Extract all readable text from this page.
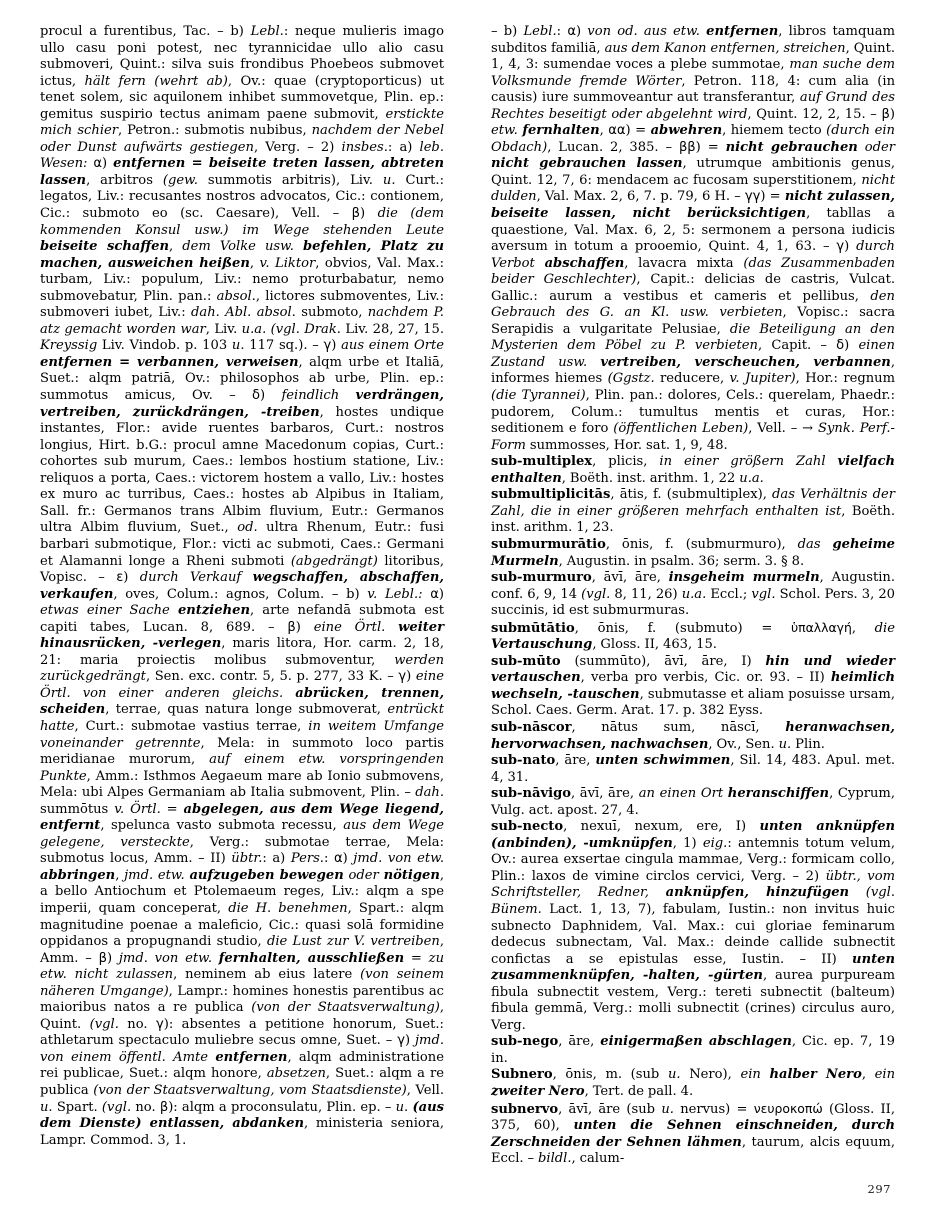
procul a furentibus, Tac. – b) Lebl.: neque mulieris imago ullo casu poni potest, nec tyrannicidae ullo alio casu submoveri, Quint.: silva suis frondibus Phoebeos submovet ictus, hält fern (wehrt ab), Ov.: quae (cryptoporticus) ut tenet solem, sic aquilonem inhibet summovetque, Plin. ep.: gemitus suspirio tectus animam paene submovit, erstickte mich schier, Petron.: submotis nubibus, nachdem der Nebel oder Dunst aufwärts gestiegen, Verg. – 2) insbes.: a) leb. Wesen: α) entfernen = beiseite treten lassen, abtreten lassen, arbitros (gew. summotis arbitris), Liv. u. Curt.: legatos, Liv.: recusantes nostros advocatos, Cic.: contionem, Cic.: submoto eo (sc. Caesare), Vell. – β) die (dem kommenden Konsul usw.) im Wege stehenden Leute beiseite schaffen, dem Volke usw. befehlen, Platz zu machen, ausweichen heißen, v. Liktor, obvios, Val. Max.: turbam, Liv.: populum, Liv.: nemo proturbabatur, nemo submovebatur, Plin. pan.: absol., lictores submoventes, Liv.: submoveri iubet, Liv.: dah. Abl. absol. submoto, nachdem P. atz gemacht worden war, Liv. u.a. (vgl. Drak. Liv. 28, 27, 15. Kreyssig Liv. Vindob. p. 103 u. 117 sq.). – γ) aus einem Orte entfernen = verbannen, verweisen, alqm urbe et Italiā, Suet.: alqm patriā, Ov.: philosophos ab urbe, Plin. ep.: summotus amicus, Ov. – δ) feindlich verdrängen, vertreiben, zurückdrängen, -treiben, hostes undique instantes, Flor.: avide ruentes barbaros, Curt.: nostros longius, Hirt. b.G.: procul amne Macedonum copias, Curt.: cohortes sub murum, Caes.: lembos hostium statione, Liv.: reliquos a porta, Caes.: victorem hostem a vallo, Liv.: hostes ex muro ac turribus, Caes.: hostes ab Alpibus in Italiam, Sall. fr.: Germanos trans Albim fluvium, Eutr.: Germanos ultra Albim fluvium, Suet., od. ultra Rhenum, Eutr.: fusi barbari submotique, Flor.: victi ac submoti, Caes.: Germani et Alamanni longe a Rheni submoti (abgedrängt) litoribus, Vopisc. – ε) durch Verkauf wegschaffen, abschaffen, verkaufen, oves, Colum.: agnos, Colum. – b) v. Lebl.: α) etwas einer Sache entziehen, arte nefandā submota est capiti tabes, Lucan. 8, 689. – β) eine Örtl. weiter hinausrücken, -verlegen, maris litora, Hor. carm. 2, 18, 21: maria proiectis molibus submoventur, werden zurückgedrängt, Sen. exc. contr. 5, 5. p. 277, 33 K. – γ) eine Örtl. von einer anderen gleichs. abrücken, trennen, scheiden, terrae, quas natura longe submoverat, entrückt hatte, Curt.: submotae vastius terrae, in weitem Umfange voneinander getrennte, Mela: in summoto loco partis meridianae murorum, auf einem etw. vorspringenden Punkte, Amm.: Isthmos Aegaeum mare ab Ionio submovens, Mela: ubi Alpes Germaniam ab Italia submovent, Plin. – dah. summōtus v. Örtl. = abgelegen, aus dem Wege liegend, entfernt, spelunca vasto submota recessu, aus dem Wege gelegene, versteckte, Verg.: submotae terrae, Mela: submotus locus, Amm. – II) übtr.: a) Pers.: α) jmd. von etw. abbringen, jmd. etw. aufzugeben bewegen oder nötigen, a bello Antiochum et Ptolemaeum reges, Liv.: alqm a spe imperii, quam conceperat, die H. benehmen, Spart.: alqm magnitudine poenae a maleficio, Cic.: quasi solā formidine oppidanos a propugnandi studio, die Lust zur V. vertreiben, Amm. – β) jmd. von etw. fernhalten, ausschließen = zu etw. nicht zulassen, neminem ab eius latere (von seinem näheren Umgange), Lampr.: homines honestis parentibus ac maioribus natos a re publica (von der Staatsverwaltung), Quint. (vgl. no. γ): absentes a petitione honorum, Suet.: athletarum spectaculo muliebre secus omne, Suet. – γ) jmd. von einem öffentl. Amte entfernen, alqm administratione rei publicae, Suet.: alqm honore, absetzen, Suet.: alqm a re publica (von der Staatsverwaltung, vom Staatsdienste), Vell. u. Spart. (vgl. no. β): alqm a proconsulatu, Plin. ep. – u. (aus dem Dienste) entlassen, abdanken, ministeria seniora, Lampr. Commod. 3, 1.
– b) Lebl.: α) von od. aus etw. entfernen, libros tamquam subditos familiā, aus dem Kanon entfernen, streichen, Quint. 1, 4, 3: sumendae voces a plebe summotae, man suche dem Volksmunde fremde Wörter, Petron. 118, 4: cum alia (in causis) iure summoveantur aut transferantur, auf Grund des Rechtes beseitigt oder abgelehnt wird, Quint. 12, 2, 15. – β) etw. fernhalten, αα) = abwehren, hiemem tecto (durch ein Obdach), Lucan. 2, 385. – ββ) = nicht gebrauchen oder nicht gebrauchen lassen, utrumque ambitionis genus, Quint. 12, 7, 6: mendacem ac fucosam superstitionem, nicht dulden, Val. Max. 2, 6, 7. p. 79, 6 H. – γγ) = nicht zulassen, beiseite lassen, nicht berücksichtigen, tabllas a quaestione, Val. Max. 6, 2, 5: sermonem a persona iudicis aversum in totum a prooemio, Quint. 4, 1, 63. – γ) durch Verbot abschaffen, lavacra mixta (das Zusammenbaden beider Geschlechter), Capit.: delicias de castris, Vulcat. Gallic.: aurum a vestibus et cameris et pellibus, den Gebrauch des G. an Kl. usw. verbieten, Vopisc.: sacra Serapidis a vulgaritate Pelusiae, die Beteiligung an den Mysterien dem Pöbel zu P. verbieten, Capit. – δ) einen Zustand usw. vertreiben, verscheuchen, verbannen, informes hiemes (Ggstz. reducere, v. Jupiter), Hor.: regnum (die Tyrannei), Plin. pan.: dolores, Cels.: querelam, Phaedr.: pudorem, Colum.: tumultus mentis et curas, Hor.: seditionem e foro (öffentlichen Leben), Vell. – → Synk. Perf.-Form summosses, Hor. sat. 1, 9, 48.
sub-multiplex, plicis, in einer größern Zahl vielfach enthalten, Boëth. inst. arithm. 1, 22 u.a.
submultiplicitās, ātis, f. (submultiplex), das Verhältnis der Zahl, die in einer größeren mehrfach enthalten ist, Boëth. inst. arithm. 1, 23.
submurmurātio, ōnis, f. (submurmuro), das geheime Murmeln, Augustin. in psalm. 36; serm. 3. § 8.
sub-murmuro, āvī, āre, insgeheim murmeln, Augustin. conf. 6, 9, 14 (vgl. 8, 11, 26) u.a. Eccl.; vgl. Schol. Pers. 3, 20 succinis, id est submurmuras.
submūtātio, ōnis, f. (submuto) = ὑπαλλαγή, die Vertauschung, Gloss. II, 463, 15.
sub-mūto (summūto), āvī, āre, I) hin und wieder vertauschen, verba pro verbis, Cic. or. 93. – II) heimlich wechseln, -tauschen, submutasse et aliam posuisse ursam, Schol. Caes. Germ. Arat. 17. p. 382 Eyss.
sub-nāscor, nātus sum, nāscī, heranwachsen, hervorwachsen, nachwachsen, Ov., Sen. u. Plin.
sub-nato, āre, unten schwimmen, Sil. 14, 483. Apul. met. 4, 31.
sub-nāvigo, āvī, āre, an einen Ort heranschiffen, Cyprum, Vulg. act. apost. 27, 4.
sub-necto, nexuī, nexum, ere, I) unten anknüpfen (anbinden), -umknüpfen, 1) eig.: antemnis totum velum, Ov.: aurea exsertae cingula mammae, Verg.: formicam collo, Plin.: laxos de vimine circlos cervici, Verg. – 2) übtr., vom Schriftsteller, Redner, anknüpfen, hinzufügen (vgl. Bünem. Lact. 1, 13, 7), fabulam, Iustin.: non invitus huic subnecto Daphnidem, Val. Max.: cui gloriae feminarum dedecus subnectam, Val. Max.: deinde callide subnectit confictas a se epistulas esse, Iustin. – II) unten zusammenknüpfen, -halten, -gürten, aurea purpuream fibula subnectit vestem, Verg.: tereti subnectit (balteum) fibula gemmā, Verg.: molli subnectit (crines) circulus auro, Verg.
sub-nego, āre, einigermaßen abschlagen, Cic. ep. 7, 19 in.
Subnero, ōnis, m. (sub u. Nero), ein halber Nero, ein zweiter Nero, Tert. de pall. 4.
subnervo, āvī, āre (sub u. nervus) = νευροκοπώ (Gloss. II, 375, 60), unten die Sehnen einschneiden, durch Zerschneiden der Sehnen lähmen, taurum, alcis equum, Eccl. – bildl., calum-
297
